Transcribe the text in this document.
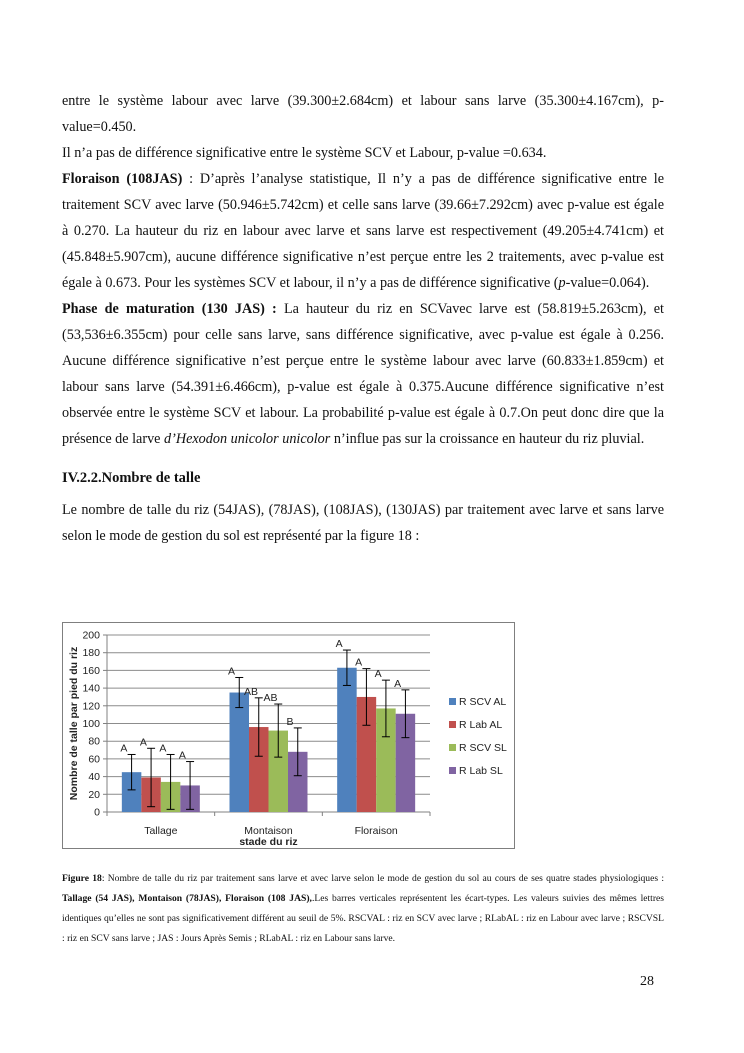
entre le système labour avec larve (39.300±2.684cm) et labour sans larve (35.300±4.167cm), p-value=0.450.

Il n’a pas de différence significative entre le système SCV et Labour, p-value =0.634.

Floraison (108JAS) : D’après l’analyse statistique, Il n’y a pas de différence significative entre le traitement SCV avec larve (50.946±5.742cm) et celle sans larve (39.66±7.292cm) avec p-value est égale à 0.270. La hauteur du riz en labour avec larve et sans larve est respectivement (49.205±4.741cm) et (45.848±5.907cm), aucune différence significative n’est perçue entre les 2 traitements, avec p-value est égale à 0.673. Pour les systèmes SCV et labour, il n’y a pas de différence significative (p-value=0.064).

Phase de maturation (130 JAS) : La hauteur du riz en SCVavec larve est (58.819±5.263cm), et (53,536±6.355cm) pour celle sans larve, sans différence significative, avec p-value est égale à 0.256. Aucune différence significative n’est perçue entre le système labour avec larve (60.833±1.859cm) et labour sans larve (54.391±6.466cm), p-value est égale à 0.375.Aucune différence significative n’est observée entre le système SCV et labour. La probabilité p-value est égale à 0.7.On peut donc dire que la présence de larve d’Hexodon unicolor unicolor n’influe pas sur la croissance en hauteur du riz pluvial.

IV.2.2.Nombre de talle

Le nombre de talle du riz (54JAS), (78JAS), (108JAS), (130JAS) par traitement avec larve et sans larve selon le mode de gestion du sol est représenté par la figure 18 :

0
20
40
60
80
100
120
140
160
180
200
Nombre de talle par pied du riz	A
A
A
A
Tallage
A
AB
AB
B
Montaison
A
A
A
A
Floraison
stade du riz
R SCV AL
R Lab AL
R SCV SL
R Lab SL
Figure 18: Nombre de talle du riz par traitement sans larve et avec larve selon le mode de gestion du sol au cours de ses quatre stades physiologiques : Tallage (54 JAS), Montaison (78JAS), Floraison (108 JAS),.Les barres verticales représentent les écart-types. Les valeurs suivies des mêmes lettres identiques qu’elles ne sont pas significativement différent au seuil de 5%. RSCVAL : riz en SCV avec larve ; RLabAL : riz en Labour avec larve ; RSCVSL : riz en SCV sans larve ; JAS : Jours Après Semis ; RLabAL : riz en Labour sans larve.
28
